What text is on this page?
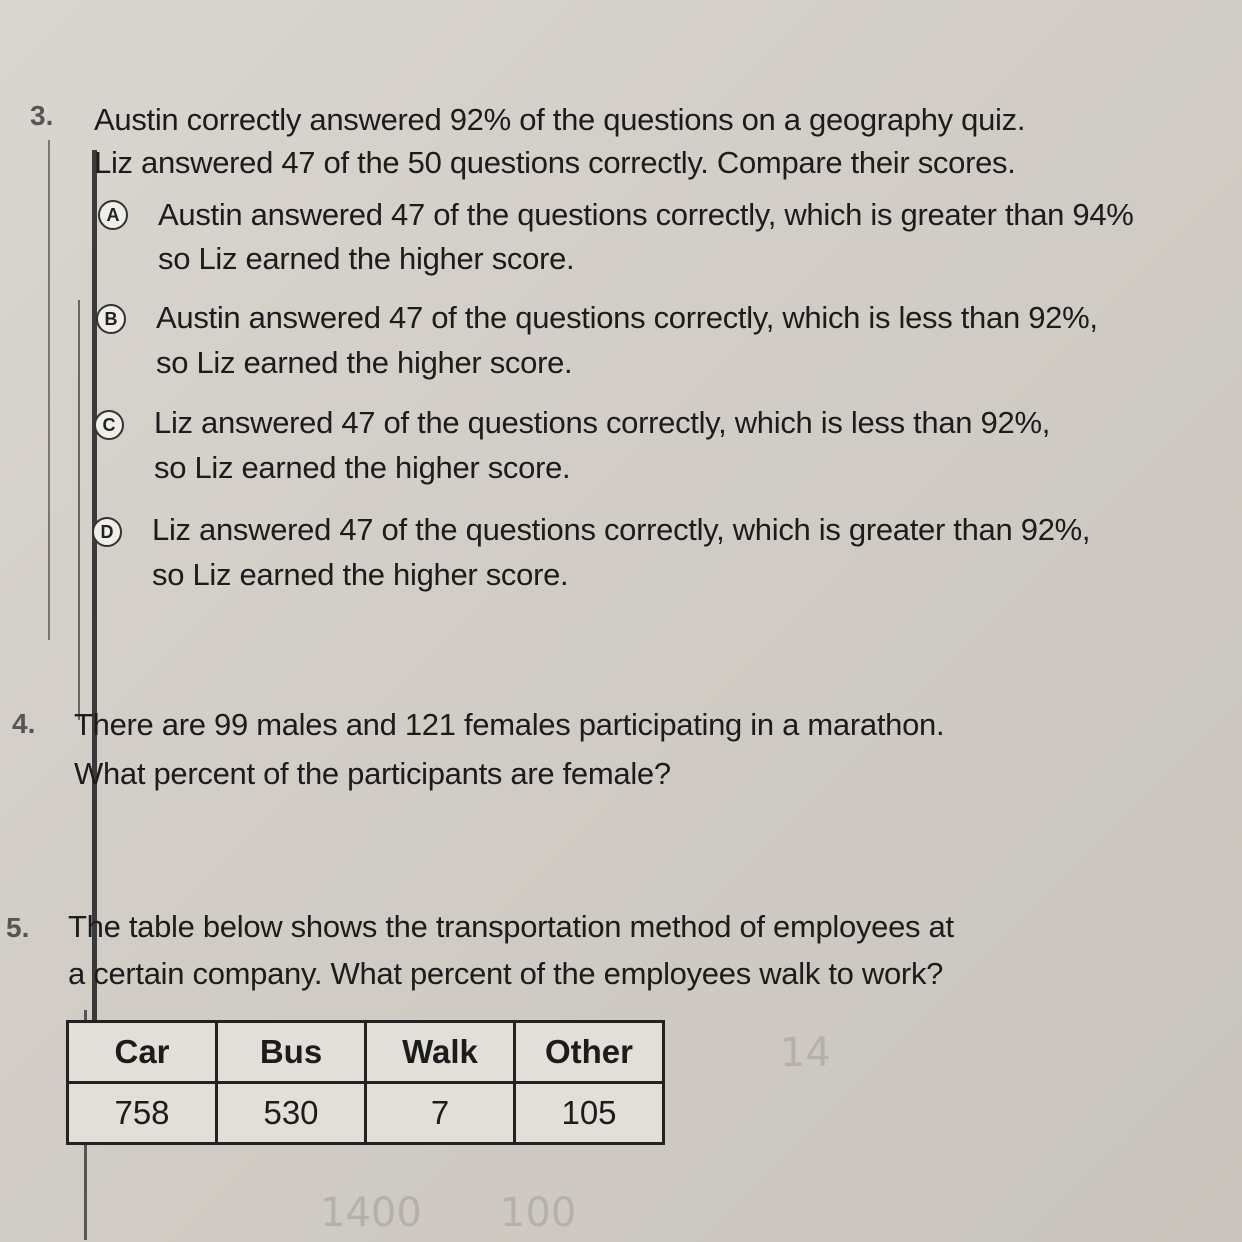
3. Austin correctly answered 92% of the questions on a geography quiz.
Liz answered 47 of the 50 questions correctly. Compare their scores.
A Austin answered 47 of the questions correctly, which is greater than 94%
so Liz earned the higher score.
B Austin answered 47 of the questions correctly, which is less than 92%,
so Liz earned the higher score.
C Liz answered 47 of the questions correctly, which is less than 92%,
so Liz earned the higher score.
D Liz answered 47 of the questions correctly, which is greater than 92%,
so Liz earned the higher score.
4. There are 99 males and 121 females participating in a marathon.
What percent of the participants are female?
5. The table below shows the transportation method of employees at
a certain company. What percent of the employees walk to work?
Car	Bus	Walk	Other
758	530	7	105
14
1400 100
